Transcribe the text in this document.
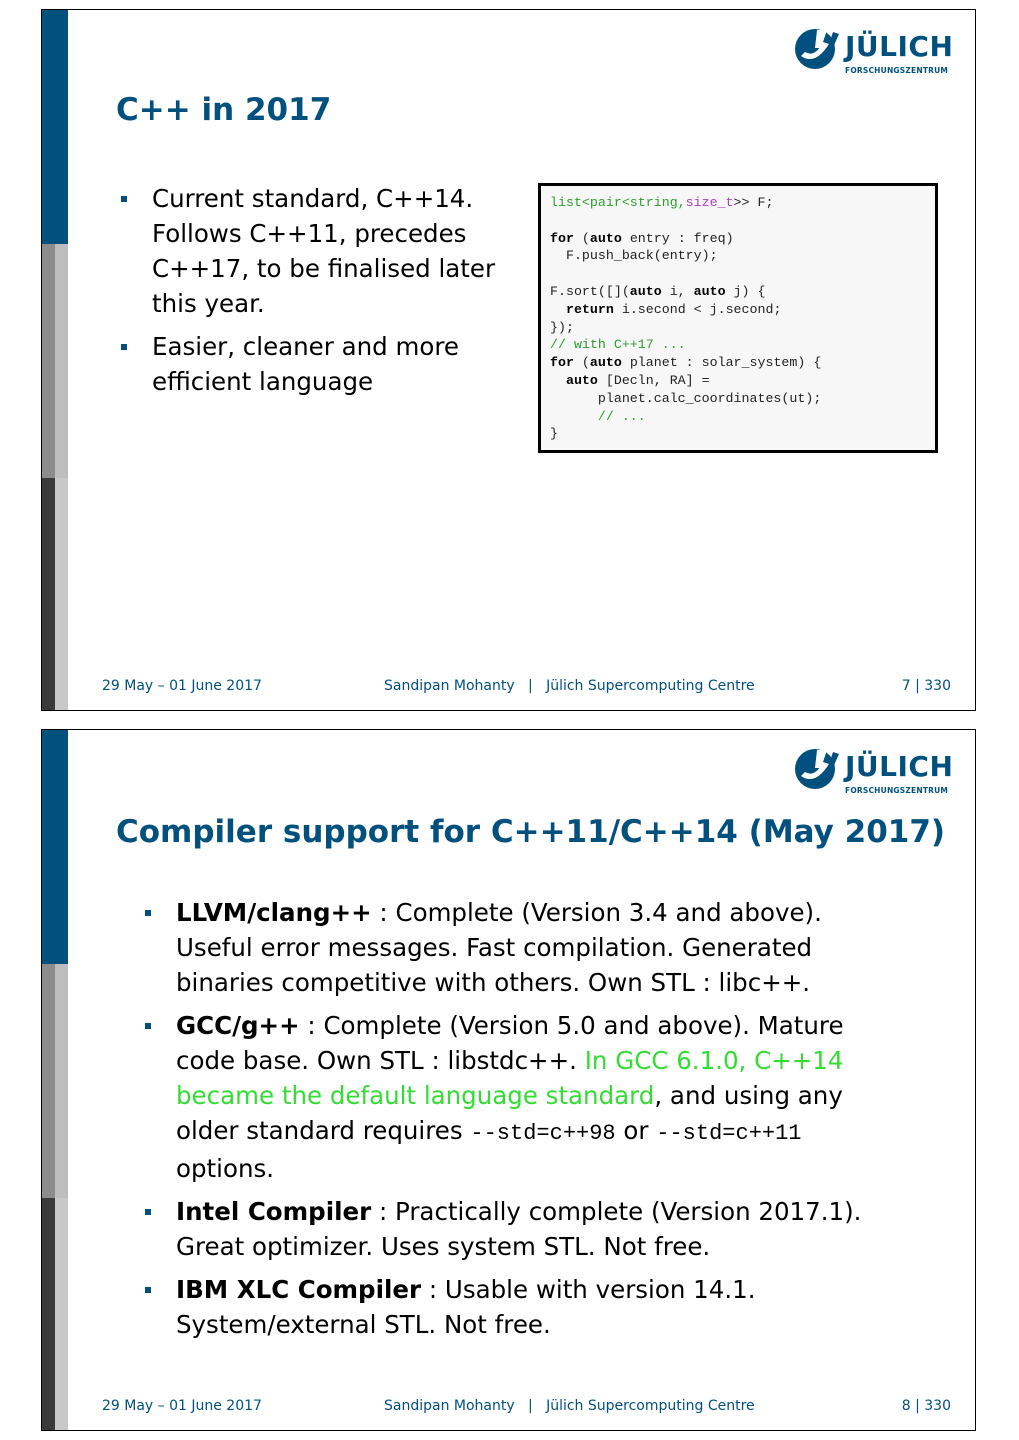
JÜLICH
FORSCHUNGSZENTRUM
C++ in 2017
Current standard, C++14. Follows C++11, precedes C++17, to be finalised later this year.
Easier, cleaner and more efficient language
list<pair<string,size_t>> F;

for (auto entry : freq)
F.push_back(entry);

F.sort([](auto i, auto j) {
return i.second < j.second;
});
// with C++17 ...
for (auto planet : solar_system) {
auto [Decln, RA] =
planet.calc_coordinates(ut);
// ...
}
29 May – 01 June 2017	Sandipan Mohanty   |   Jülich Supercomputing Centre	7 | 330
JÜLICH
FORSCHUNGSZENTRUM
Compiler support for C++11/C++14 (May 2017)
LLVM/clang++ : Complete (Version 3.4 and above). Useful error messages. Fast compilation. Generated binaries competitive with others. Own STL : libc++.
GCC/g++ : Complete (Version 5.0 and above). Mature code base. Own STL : libstdc++. In GCC 6.1.0, C++14 became the default language standard, and using any older standard requires --std=c++98 or --std=c++11 options.
Intel Compiler : Practically complete (Version 2017.1). Great optimizer. Uses system STL. Not free.
IBM XLC Compiler : Usable with version 14.1. System/external STL. Not free.
29 May – 01 June 2017	Sandipan Mohanty   |   Jülich Supercomputing Centre	8 | 330
